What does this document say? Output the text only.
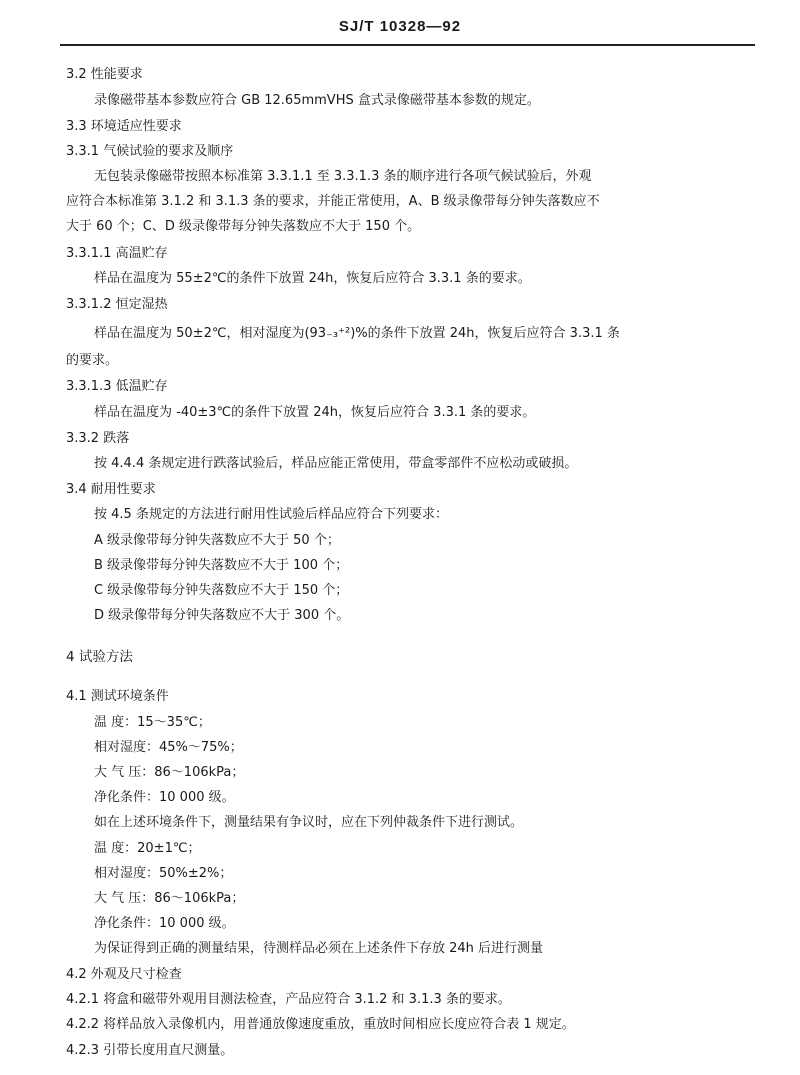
SJ/T 10328—92
3.2 性能要求
录像磁带基本参数应符合 GB 12.65mmVHS 盒式录像磁带基本参数的规定。
3.3 环境适应性要求
3.3.1 气候试验的要求及顺序
无包装录像磁带按照本标准第 3.3.1.1 至 3.3.1.3 条的顺序进行各项气候试验后，外观
应符合本标准第 3.1.2 和 3.1.3 条的要求，并能正常使用，A、B 级录像带每分钟失落数应不
大于 60 个；C、D 级录像带每分钟失落数应不大于 150 个。
3.3.1.1 高温贮存
样品在温度为 55±2℃的条件下放置 24h，恢复后应符合 3.3.1 条的要求。
3.3.1.2 恒定湿热
样品在温度为 50±2℃，相对湿度为(93₋₃⁺²)%的条件下放置 24h，恢复后应符合 3.3.1 条
的要求。
3.3.1.3 低温贮存
样品在温度为 -40±3℃的条件下放置 24h，恢复后应符合 3.3.1 条的要求。
3.3.2 跌落
按 4.4.4 条规定进行跌落试验后，样品应能正常使用，带盒零部件不应松动或破损。
3.4 耐用性要求
按 4.5 条规定的方法进行耐用性试验后样品应符合下列要求：
A 级录像带每分钟失落数应不大于 50 个；
B 级录像带每分钟失落数应不大于 100 个；
C 级录像带每分钟失落数应不大于 150 个；
D 级录像带每分钟失落数应不大于 300 个。
4 试验方法
4.1 测试环境条件
温 度：15～35℃；
相对湿度：45%～75%；
大 气 压：86～106kPa；
净化条件：10 000 级。
如在上述环境条件下，测量结果有争议时，应在下列仲裁条件下进行测试。
温 度：20±1℃；
相对湿度：50%±2%；
大 气 压：86～106kPa；
净化条件：10 000 级。
为保证得到正确的测量结果，待测样品必须在上述条件下存放 24h 后进行测量
4.2 外观及尺寸检查
4.2.1 将盒和磁带外观用目测法检查，产品应符合 3.1.2 和 3.1.3 条的要求。
4.2.2 将样品放入录像机内，用普通放像速度重放，重放时间相应长度应符合表 1 规定。
4.2.3 引带长度用直尺测量。
